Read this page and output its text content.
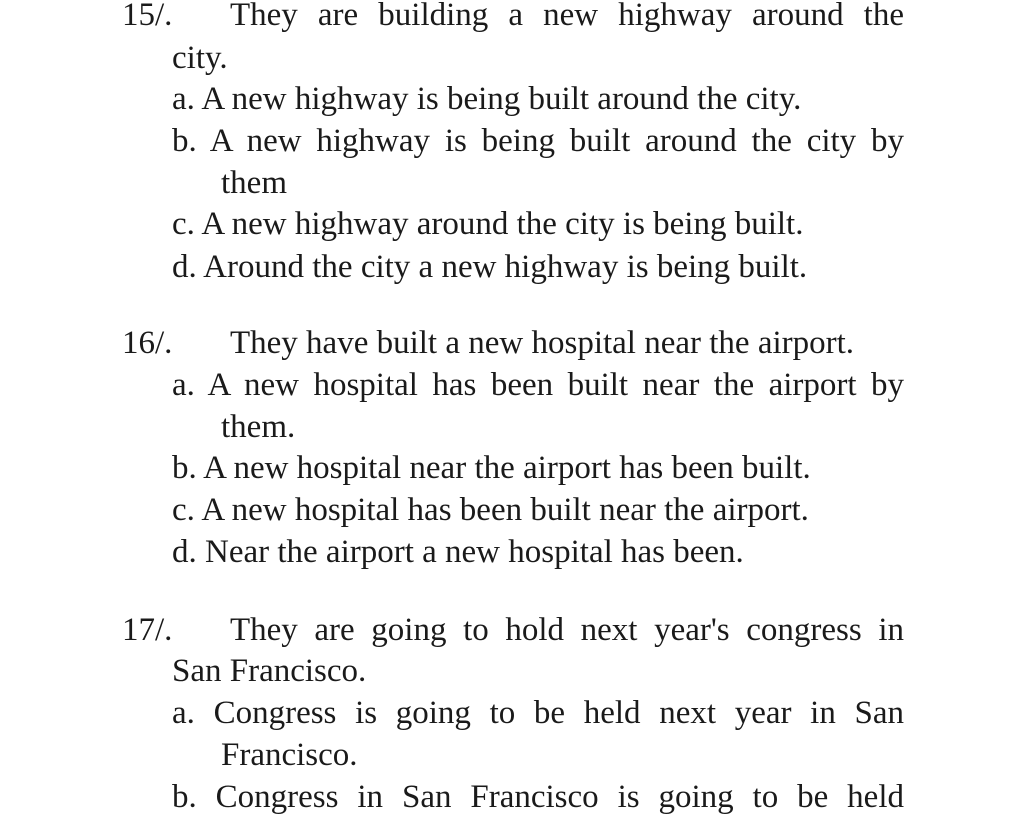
15/. They are building a new highway around the
city.
a. A new highway is being built around the city.
b. A new highway is being built around the city by
them
c. A new highway around the city is being built.
d. Around the city a new highway is being built.
16/. They have built a new hospital near the airport.
a. A new hospital has been built near the airport by
them.
b. A new hospital near the airport has been built.
c. A new hospital has been built near the airport.
d. Near the airport a new hospital has been.
17/. They are going to hold next year's congress in
San Francisco.
a. Congress is going to be held next year in San
Francisco.
b. Congress in San Francisco is going to be held
